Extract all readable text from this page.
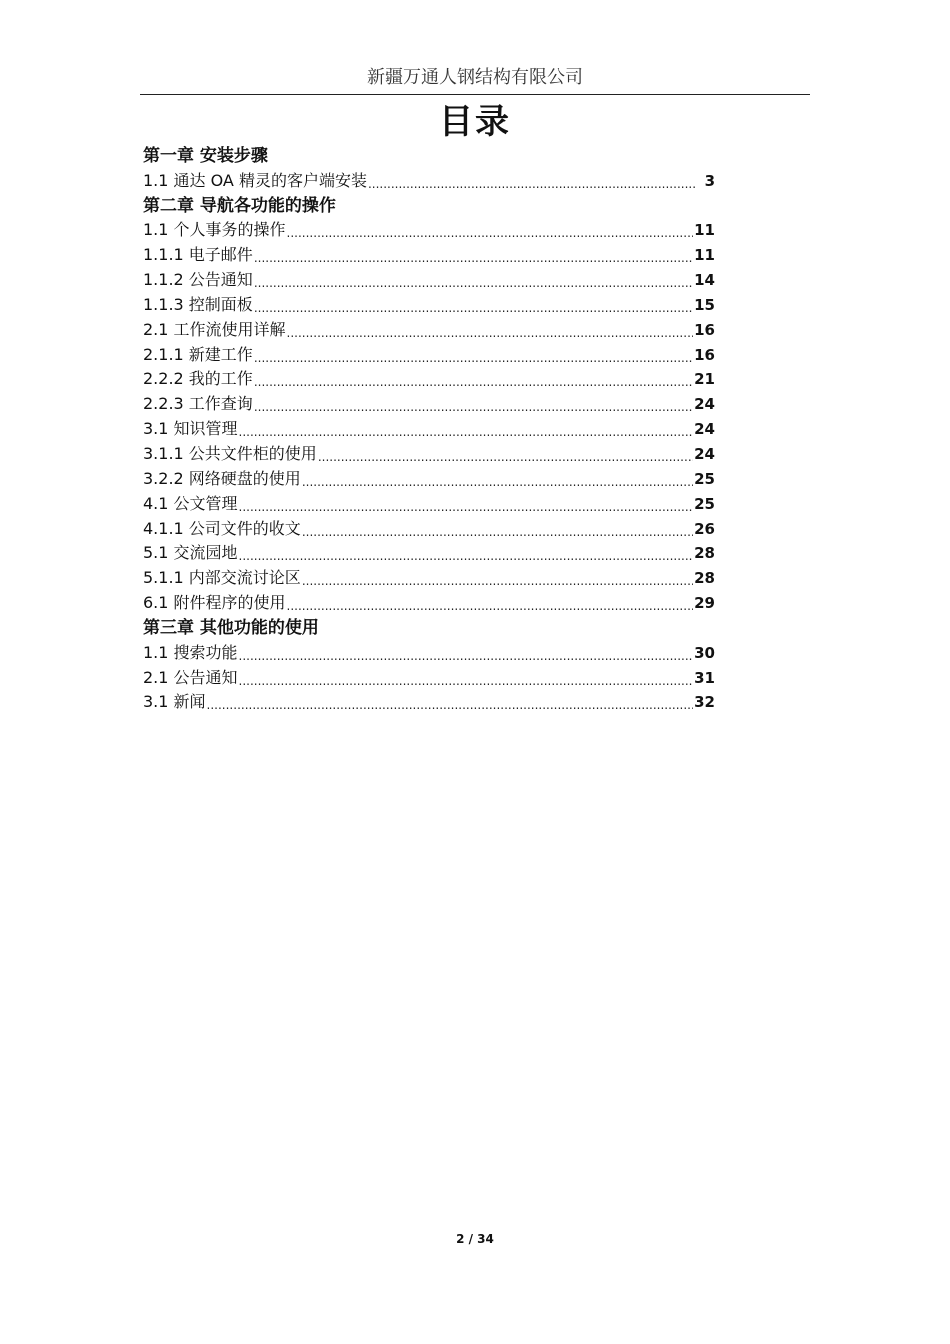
新疆万通人钢结构有限公司
目录
第一章 安装步骤
1.1 通达 OA 精灵的客户端安装 .....	3
第二章 导航各功能的操作
1.1 个人事务的操作 .....	11
1.1.1 电子邮件 .....	11
1.1.2 公告通知 .....	14
1.1.3 控制面板 .....	15
2.1 工作流使用详解 .....	16
2.1.1 新建工作 .....	16
2.2.2 我的工作 .....	21
2.2.3 工作查询 .....	24
3.1 知识管理 .....	24
3.1.1 公共文件柜的使用 .....	24
3.2.2 网络硬盘的使用 .....	25
4.1 公文管理 .....	25
4.1.1 公司文件的收文 .....	26
5.1 交流园地 .....	28
5.1.1 内部交流讨论区 .....	28
6.1 附件程序的使用 .....	29
第三章 其他功能的使用
1.1 搜索功能 .....	30
2.1 公告通知 .....	31
3.1 新闻 .....	32
2 / 34
